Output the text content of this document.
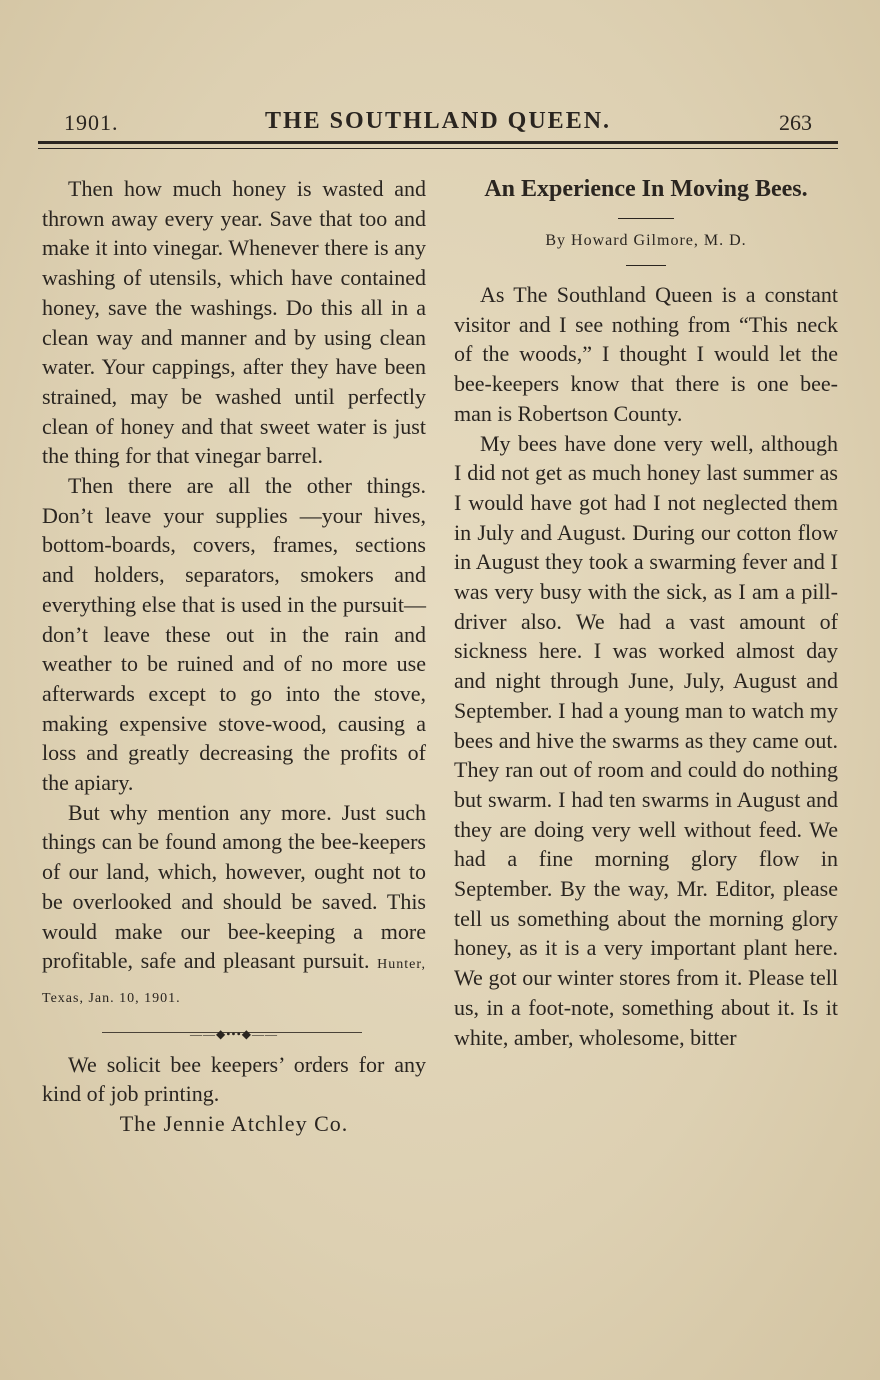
1901.	THE SOUTHLAND QUEEN.	263

Then how much honey is wasted and thrown away every year. Save that too and make it into vinegar. Whenever there is any washing of utensils, which have contained honey, save the washings. Do this all in a clean way and manner and by using clean water. Your cappings, after they have been strained, may be washed until perfectly clean of honey and that sweet water is just the thing for that vinegar barrel.

Then there are all the other things. Don’t leave your supplies —your hives, bottom-boards, covers, frames, sections and holders, separators, smokers and everything else that is used in the pursuit—don’t leave these out in the rain and weather to be ruined and of no more use afterwards except to go into the stove, making expensive stove-wood, causing a loss and greatly decreasing the profits of the apiary.

But why mention any more. Just such things can be found among the bee-keepers of our land, which, however, ought not to be overlooked and should be saved. This would make our bee-keeping a more profitable, safe and pleasant pursuit. Hunter, Texas, Jan. 10, 1901.

——◆•••◆——

We solicit bee keepers’ orders for any kind of job printing.

The Jennie Atchley Co.

An Experience In Moving Bees.
By Howard Gilmore, M. D.

As The Southland Queen is a constant visitor and I see nothing from “This neck of the woods,” I thought I would let the bee-keepers know that there is one bee-man is Robertson County.

My bees have done very well, although I did not get as much honey last summer as I would have got had I not neglected them in July and August. During our cotton flow in August they took a swarming fever and I was very busy with the sick, as I am a pill-driver also. We had a vast amount of sickness here. I was worked almost day and night through June, July, August and September. I had a young man to watch my bees and hive the swarms as they came out. They ran out of room and could do nothing but swarm. I had ten swarms in August and they are doing very well without feed. We had a fine morning glory flow in September. By the way, Mr. Editor, please tell us something about the morning glory honey, as it is a very important plant here. We got our winter stores from it. Please tell us, in a foot-note, something about it. Is it white, amber, wholesome, bitter
